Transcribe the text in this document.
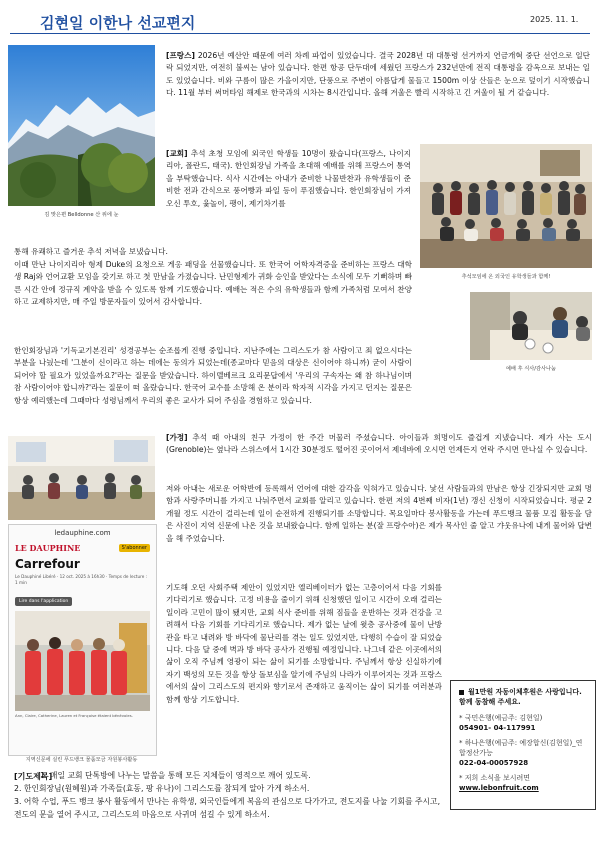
김현일 이한나 선교편지	2025. 11. 1.
김 맞은편 Belldonne 산 위에 눈

[프랑스] 2026년 예산안 때문에 여러 차례 파업이 있었습니다. 결국 2028년 대 대통령 선거까지 연금개혁 중단 선언으로 일단락 되었지만, 여전히 불씨는 남아 있습니다. 한편 항공 단두대에 세웠던 프랑스가 232년만에 전직 대통령을 감옥으로 보내는 일도 있었습니다. 비와 구름이 많은 가을이지만, 단풍으로 주변이 아름답게 물들고 1500m 이상 산들은 눈으로 덮이기 시작했습니다. 11월 부터 써머타임 해제로 한국과의 시차는 8시간입니다. 올해 겨울은 빨리 시작하고 긴 겨울이 될 거 같습니다.

[교회] 추석 초청 모임에 외국인 학생들 10명이 왔습니다(프랑스, 나이지리아, 폴란드, 태국). 한인회장님 가족을 초대해 예배를 위해 프랑스어 통역을 부탁했습니다. 식사 시간에는 아내가 준비한 나물반찬과 유학생들이 준비한 전과 간식으로 풍어빵과 파일 등이 푸짐했습니다. 한인회장님이 가져오신 투호, 윷놀이, 팽이, 제기차기를

추석모임에 온 외국인 유학생들과 함께!

통해 유쾌하고 즐거운 추석 저녁을 보냈습니다.

이때 만난 나이지리아 형제 Duke의 요청으로 게옹 패딩을 선물했습니다. 또 한국어 어학자격증을 준비하는 프랑스 대학생 Raj와 언어교환 모임을 갖기로 하고 첫 만남을 가졌습니다. 난민형제가 귀화 승인을 받았다는 소식에 모두 기뻐하며 빠른 시간 안에 정규직 계약을 받을 수 있도록 함께 기도했습니다. 예배는 적은 수의 유학생들과 함께 가족처럼 모여서 찬양하고 교제하지만, 매 주일 방문자들이 있어서 감사합니다.

한인회장님과 '기독교기본진리' 성경공부는 순조롭게 진행 중입니다. 지난주에는 그리스도가 참 사람이고 죄 없으시다는 부분을 나눴는데 '그분이 신이라고 하는 데에는 동의가 되었는데(종교마다 믿음의 대상은 신이어야 하니까) 굳이 사람이 되어야 할 필요가 있었을까요?'라는 질문을 받았습니다. 하이델베르크 요리문답에서 '우리의 구속자는 왜 참 하나님이며 참 사람이어야 합니까?'라는 질문이 떠 올랐습니다. 한국어 교수를 소망해 온 분이라 학자적 시각을 가지고 던지는 질문은 항상 예리했는데 그때마다 성령님께서 우리의 좋은 교사가 되어 주심을 경험하고 있습니다.

예배 후 식사/감사나눔
ledauphine.com
LE DAUPHINE	S'abonner
Carrefour
Le Dauphiné Libéré · 12 oct. 2025 à 16h30 · Temps de lecture : 1 min
Lire dans l'application
Ann, Claire, Catherine, Lauren et Françoise étaient bénévoles.
지역신문에 실린 푸드뱅크 물품모금 자원봉사활동

[가정] 추석 때 아내의 친구 가정이 한 주간 머물러 주셨습니다. 아이들과 희명이도 즐겁게 지냈습니다. 제가 사는 도시(Grenoble)는 옆나라 스위스에서 1시간 30분정도 떨어진 곳이어서 제네바에 오시면 언제든지 연락 주시면 만나실 수 있습니다.

저와 아내는 새로운 어학반에 등록해서 언어에 대한 감각을 익혀가고 있습니다. 낯선 사람들과의 만남은 항상 긴장되지만 교회 명함과 사랑주머니를 가지고 나눠주면서 교회를 알리고 있습니다. 한편 저의 4번째 비자(1년) 갱신 신청이 시작되었습니다. 평균 2개월 정도 시간이 걸리는데 일이 순전하게 진행되기를 소망합니다. 목요일마다 봉사활동을 가는데 푸드뱅크 물품 모집 활동을 담은 사진이 지역 신문에 나온 것을 보내왔습니다. 함께 일하는 분(잘 프랑수아)은 제가 목사인 줄 알고 갸웃유나에 내게 물어와 답변을 해 주었습니다.

기도해 오던 사회주택 제안이 있었지만 엘리베이터가 없는 고층이어서 다음 기회를 기다리기로 했습니다. 고정 비용을 줄이기 위해 신청했던 일이고 시간이 오래 걸리는 일이라 고민이 많이 됐지만, 교회 식사 준비를 위해 짐들을 운반하는 것과 건강을 고려해서 다음 기회를 기다리기로 했습니다. 제가 없는 날에 윗층 공사중에 물이 난방관을 타고 내려와 방 바닥에 물난리를 겪는 일도 있었지만, 다행히 수습이 잘 되었습니다. 다음 달 중에 벽과 방 바닥 공사가 진행될 예정입니다. 나그네 같은 이곳에서의 삶이 오직 주님께 영광이 되는 삶이 되기를 소망합니다. 주님께서 항상 신실하기에 자기 백성의 모든 것을 항상 돌보심을 알기에 주님의 나라가 이루어지는 것과 프랑스에서의 삶이 그리스도의 편지와 향기로서 존재하고 움직이는 삶이 되기를 여러분과 함께 항상 기도합니다.

월1만원 자동이체후원은 사랑입니다. 함께 동참해 주세요.

* 국민은행(예금주: 김현일)

054901- 04-117991

* 하나은행(예금주: 예장합신(김현일)_연합정산가능

022-04-00057928

* 저희 소식을 보시려면

www.lebonfruit.com

[기도제목]
1. 매일 교회 단톡방에 나누는 말씀을 통해 모든 지체들이 영적으로 깨어 있도록.
2. 한인회장님(원혜원)과 가족들(효동, 팡 유나)이 그리스도를 참되게 알아 가게 하소서.
3. 어학 수업, 푸드 뱅크 봉사 활동에서 만나는 유학생, 외국인들에게 복음의 관심으로 다가가고, 전도지를 나눌 기회를 주시고, 전도의 문을 열어 주시고, 그리스도의 마음으로 사귀며 섬길 수 있게 하소서.
